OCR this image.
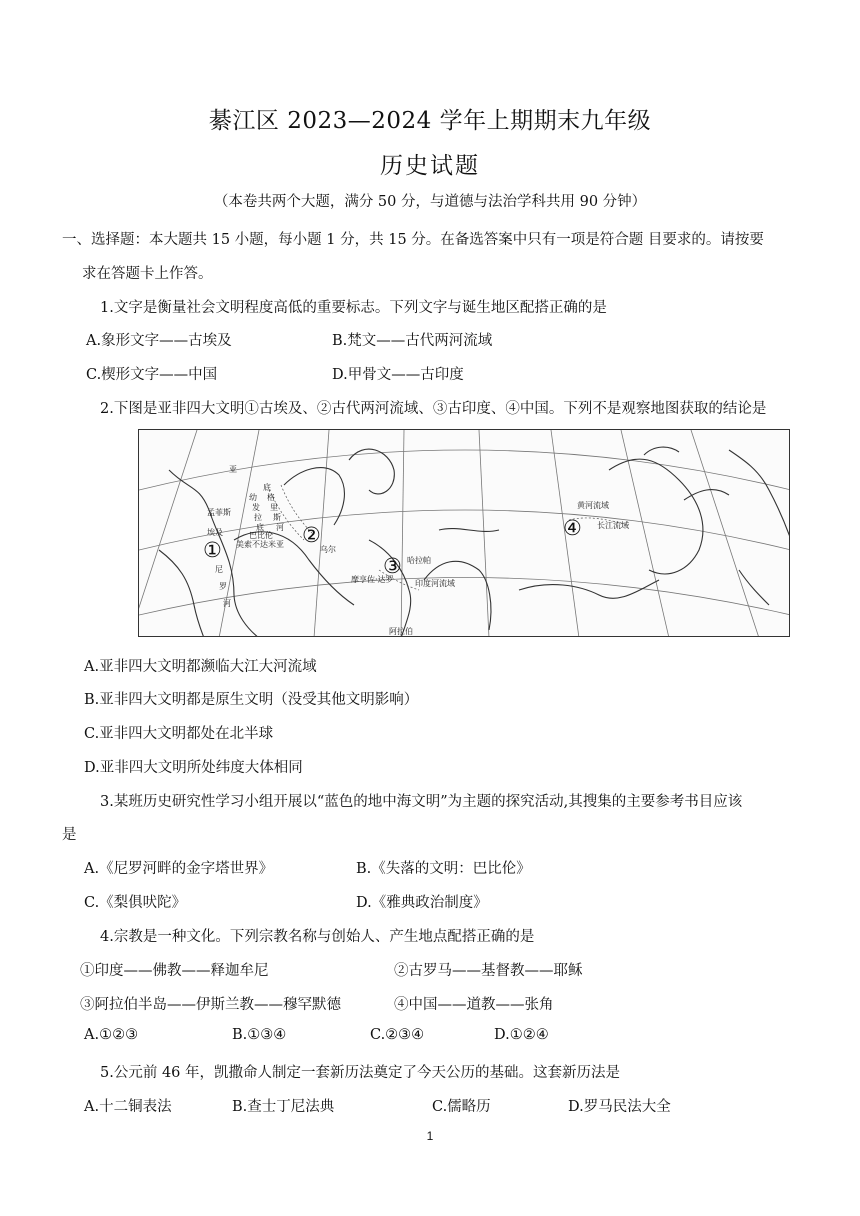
綦江区 2023—2024 学年上期期末九年级
历史试题
（本卷共两个大题，满分 50 分，与道德与法治学科共用 90 分钟）
一、选择题：本大题共 15 小题，每小题 1 分，共 15 分。在备选答案中只有一项是符合题 目要求的。请按要
求在答题卡上作答。
1.文字是衡量社会文明程度高低的重要标志。下列文字与诞生地区配搭正确的是
A.象形文字——古埃及	B.梵文——古代两河流域
C.楔形文字——中国	D.甲骨文——古印度
2.下图是亚非四大文明①古埃及、②古代两河流域、③古印度、④中国。下列不是观察地图获取的结论是
亚
底
格
里
斯
河
幼
发
拉
底
孟菲斯
埃及	巴比伦
美索不达米亚
乌尔
尼
罗
河
摩亨佐·达罗
哈拉帕
印度河流域
黄河流域
长江流域
阿拉伯
①
②
③
④
A.亚非四大文明都濒临大江大河流域
B.亚非四大文明都是原生文明（没受其他文明影响）
C.亚非四大文明都处在北半球
D.亚非四大文明所处纬度大体相同
3.某班历史研究性学习小组开展以“蓝色的地中海文明”为主题的探究活动,其搜集的主要参考书目应该
是
A.《尼罗河畔的金字塔世界》	B.《失落的文明：巴比伦》
C.《梨俱吠陀》	D.《雅典政治制度》
4.宗教是一种文化。下列宗教名称与创始人、产生地点配搭正确的是
①印度——佛教——释迦牟尼	②古罗马——基督教——耶稣
③阿拉伯半岛——伊斯兰教——穆罕默德	④中国——道教——张角
A.①②③	B.①③④	C.②③④	D.①②④
5.公元前 46 年，凯撒命人制定一套新历法奠定了今天公历的基础。这套新历法是
A.十二铜表法	B.查士丁尼法典	C.儒略历	D.罗马民法大全
1
